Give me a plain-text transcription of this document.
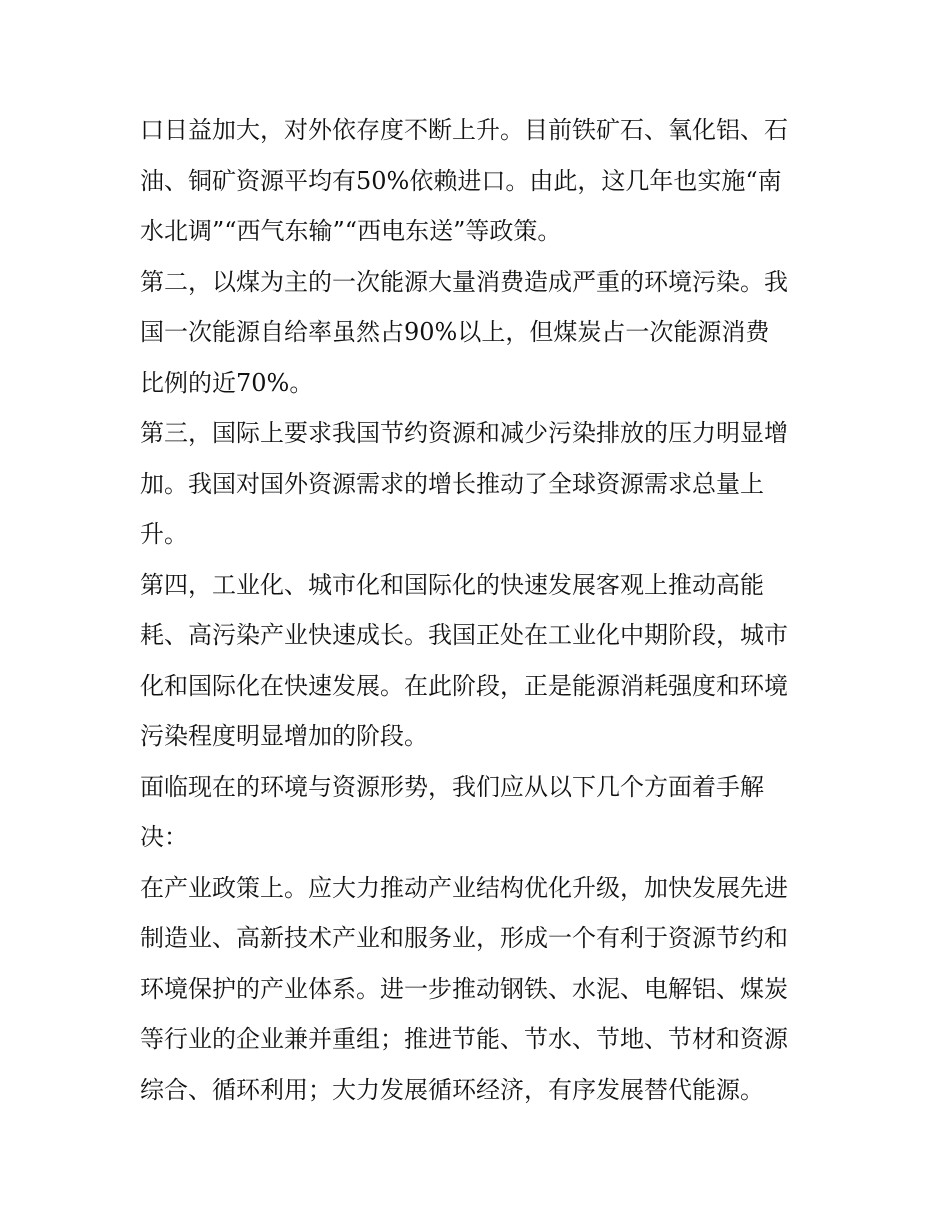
口日益加大，对外依存度不断上升。目前铁矿石、氧化铝、石
油、铜矿资源平均有50%依赖进口。由此，这几年也实施“南
水北调”“西气东输”“西电东送”等政策。
第二，以煤为主的一次能源大量消费造成严重的环境污染。我
国一次能源自给率虽然占90%以上，但煤炭占一次能源消费
比例的近70%。
第三，国际上要求我国节约资源和减少污染排放的压力明显增
加。我国对国外资源需求的增长推动了全球资源需求总量上
升。
第四，工业化、城市化和国际化的快速发展客观上推动高能
耗、高污染产业快速成长。我国正处在工业化中期阶段，城市
化和国际化在快速发展。在此阶段，正是能源消耗强度和环境
污染程度明显增加的阶段。
面临现在的环境与资源形势，我们应从以下几个方面着手解
决：
在产业政策上。应大力推动产业结构优化升级，加快发展先进
制造业、高新技术产业和服务业，形成一个有利于资源节约和
环境保护的产业体系。进一步推动钢铁、水泥、电解铝、煤炭
等行业的企业兼并重组；推进节能、节水、节地、节材和资源
综合、循环利用；大力发展循环经济，有序发展替代能源。
